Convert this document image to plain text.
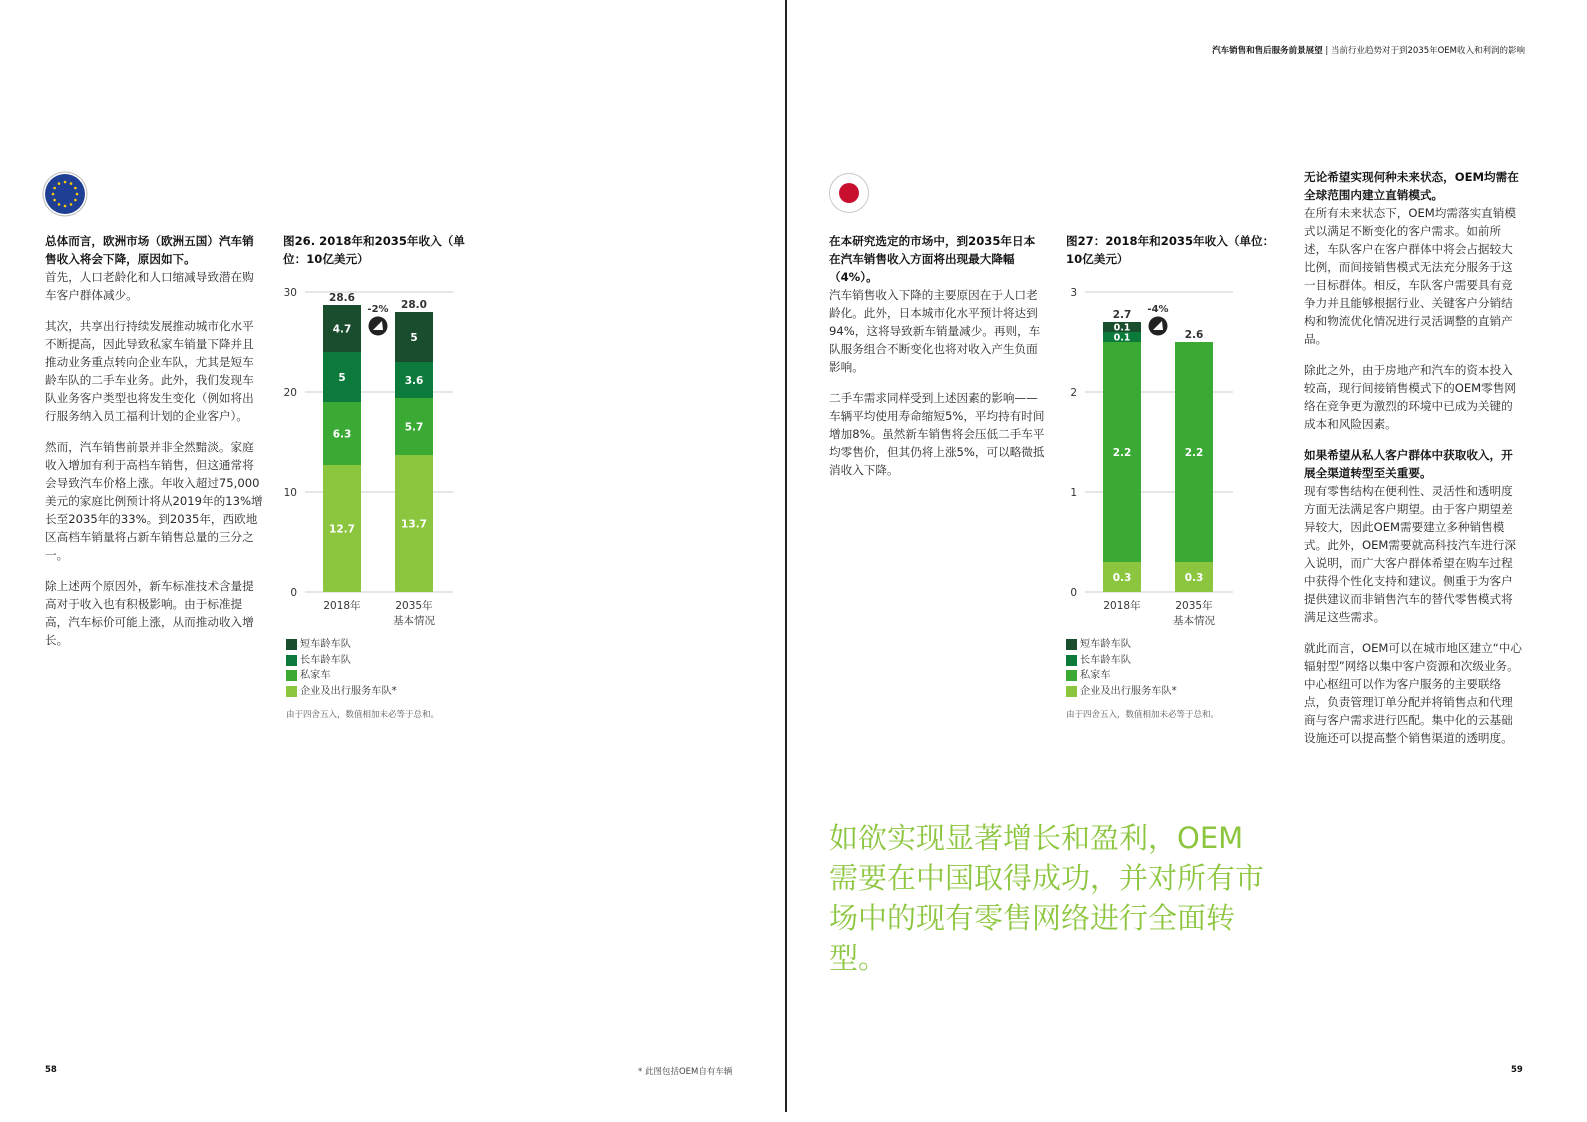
汽车销售和售后服务前景展望 | 当前行业趋势对于到2035年OEM收入和利润的影响

总体而言，欧洲市场（欧洲五国）汽车销售收入将会下降，原因如下。

首先，人口老龄化和人口缩减导致潜在购车客户群体减少。

其次，共享出行持续发展推动城市化水平不断提高，因此导致私家车销量下降并且推动业务重点转向企业车队，尤其是短车龄车队的二手车业务。此外，我们发现车队业务客户类型也将发生变化（例如将出行服务纳入员工福利计划的企业客户）。

然而，汽车销售前景并非全然黯淡。家庭收入增加有利于高档车销售，但这通常将会导致汽车价格上涨。年收入超过75,000美元的家庭比例预计将从2019年的13%增长至2035年的33%。到2035年，西欧地区高档车销量将占新车销售总量的三分之一。

除上述两个原因外，新车标准技术含量提高对于收入也有积极影响。由于标准提高，汽车标价可能上涨，从而推动收入增长。

图26. 2018年和2035年收入（单位：10亿美元）
0
10
20
30
12.7
6.3
5
4.7
28.6
2018年
13.7
5.7
3.6
5
28.0
2035年
基本情况
-2%
短车龄车队
长车龄车队
私家车
企业及出行服务车队*
由于四舍五入，数值相加未必等于总和。

在本研究选定的市场中，到2035年日本在汽车销售收入方面将出现最大降幅（4%）。

汽车销售收入下降的主要原因在于人口老龄化。此外，日本城市化水平预计将达到94%，这将导致新车销量减少。再则，车队服务组合不断变化也将对收入产生负面影响。

二手车需求同样受到上述因素的影响——车辆平均使用寿命缩短5%，平均持有时间增加8%。虽然新车销售将会压低二手车平均零售价，但其仍将上涨5%，可以略微抵消收入下降。

图27：2018年和2035年收入（单位：10亿美元）
0
1
2
3
0.3
2.2
0.1
0.1
2.7
2018年
0.3
2.2
2.6
2035年
基本情况
-4%
短车龄车队
长车龄车队
私家车
企业及出行服务车队*
由于四舍五入，数值相加未必等于总和。

无论希望实现何种未来状态，OEM均需在全球范围内建立直销模式。

在所有未来状态下，OEM均需落实直销模式以满足不断变化的客户需求。如前所述，车队客户在客户群体中将会占据较大比例，而间接销售模式无法充分服务于这一目标群体。相反，车队客户需要具有竞争力并且能够根据行业、关键客户分销结构和物流优化情况进行灵活调整的直销产品。

除此之外，由于房地产和汽车的资本投入较高，现行间接销售模式下的OEM零售网络在竞争更为激烈的环境中已成为关键的成本和风险因素。

如果希望从私人客户群体中获取收入，开展全渠道转型至关重要。

现有零售结构在便利性、灵活性和透明度方面无法满足客户期望。由于客户期望差异较大，因此OEM需要建立多种销售模式。此外，OEM需要就高科技汽车进行深入说明，而广大客户群体希望在购车过程中获得个性化支持和建议。侧重于为客户提供建议而非销售汽车的替代零售模式将满足这些需求。

就此而言，OEM可以在城市地区建立“中心辐射型”网络以集中客户资源和次级业务。中心枢纽可以作为客户服务的主要联络点，负责管理订单分配并将销售点和代理商与客户需求进行匹配。集中化的云基础设施还可以提高整个销售渠道的透明度。

如欲实现显著增长和盈利，OEM需要在中国取得成功，并对所有市场中的现有零售网络进行全面转型。
58	* 此图包括OEM自有车辆	59
